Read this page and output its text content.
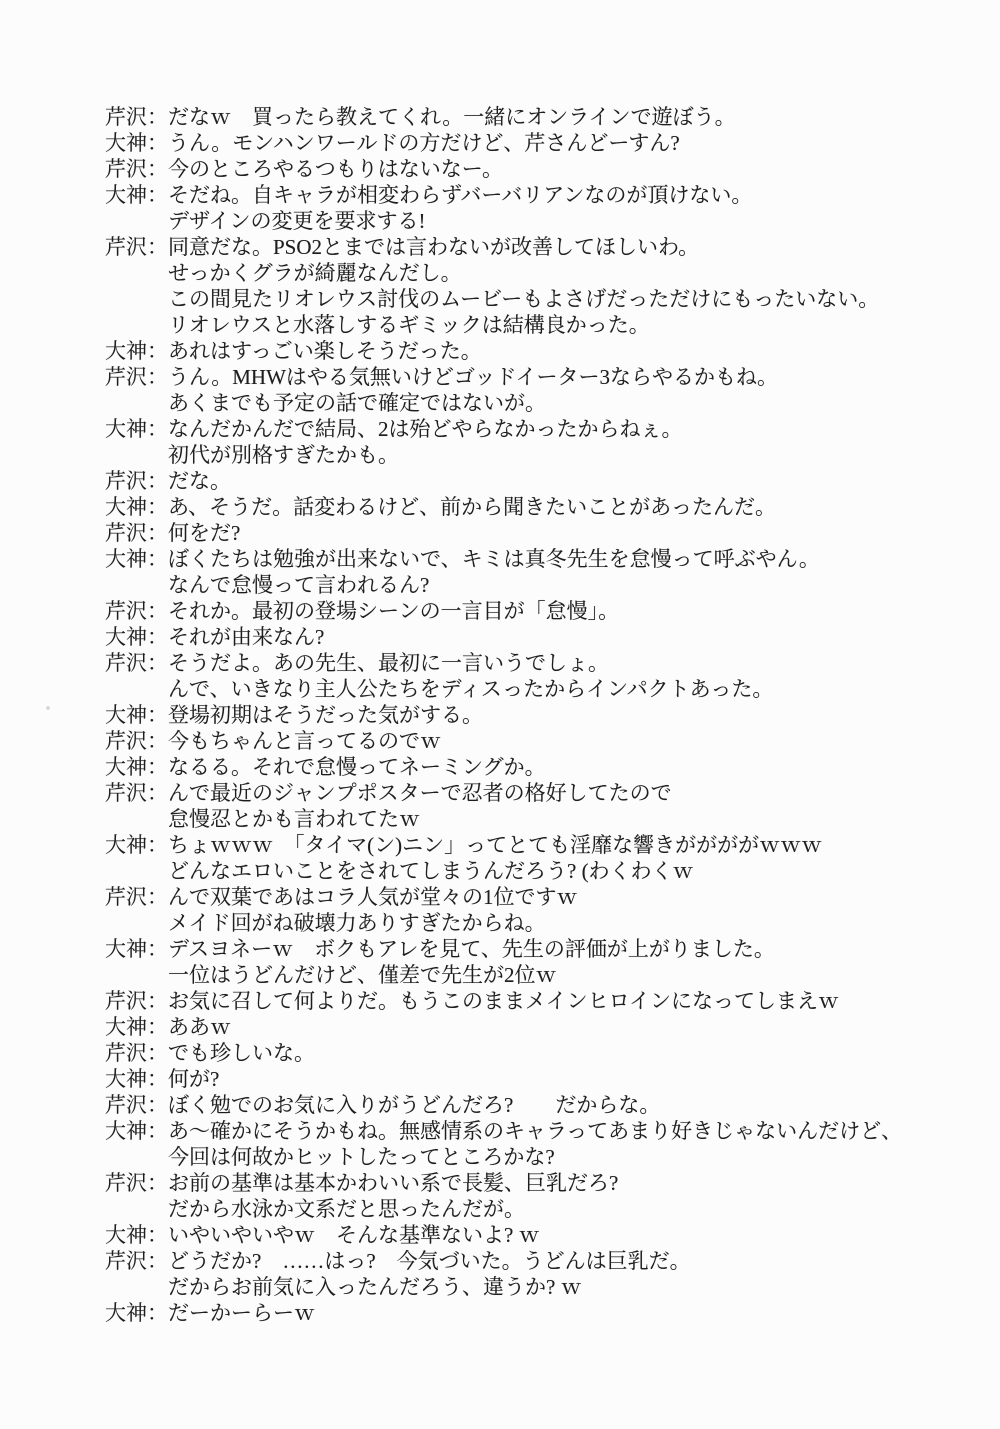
芹沢： だなｗ　買ったら教えてくれ。一緒にオンラインで遊ぼう。
大神： うん。モンハンワールドの方だけど、芹さんどーすん?
芹沢： 今のところやるつもりはないなー。
大神： そだね。自キャラが相変わらずバーバリアンなのが頂けない。
デザインの変更を要求する!
芹沢： 同意だな。PSO2とまでは言わないが改善してほしいわ。
せっかくグラが綺麗なんだし。
この間見たリオレウス討伐のムービーもよさげだっただけにもったいない。
リオレウスと水落しするギミックは結構良かった。
大神： あれはすっごい楽しそうだった。
芹沢： うん。MHWはやる気無いけどゴッドイーター3ならやるかもね。
あくまでも予定の話で確定ではないが。
大神： なんだかんだで結局、2は殆どやらなかったからねぇ。
初代が別格すぎたかも。
芹沢： だな。
大神： あ、そうだ。話変わるけど、前から聞きたいことがあったんだ。
芹沢： 何をだ?
大神： ぼくたちは勉強が出来ないで、キミは真冬先生を怠慢って呼ぶやん。
なんで怠慢って言われるん?
芹沢： それか。最初の登場シーンの一言目が「怠慢」。
大神： それが由来なん?
芹沢： そうだよ。あの先生、最初に一言いうでしょ。
んで、いきなり主人公たちをディスったからインパクトあった。
大神： 登場初期はそうだった気がする。
芹沢： 今もちゃんと言ってるのでｗ
大神： なるる。それで怠慢ってネーミングか。
芹沢： んで最近のジャンプポスターで忍者の格好してたので
怠慢忍とかも言われてたｗ
大神： ちょｗｗｗ　「タイマ(ン)ニン」ってとても淫靡な響きががががｗｗｗ
どんなエロいことをされてしまうんだろう? (わくわくｗ
芹沢： んで双葉であはコラ人気が堂々の1位ですｗ
メイド回がね破壊力ありすぎたからね。
大神： デスヨネーｗ　ボクもアレを見て、先生の評価が上がりました。
一位はうどんだけど、僅差で先生が2位ｗ
芹沢： お気に召して何よりだ。もうこのままメインヒロインになってしまえｗ
大神： ああｗ
芹沢： でも珍しいな。
大神： 何が?
芹沢： ぼく勉でのお気に入りがうどんだろ?　　だからな。
大神： あ〜確かにそうかもね。無感情系のキャラってあまり好きじゃないんだけど、
今回は何故かヒットしたってところかな?
芹沢： お前の基準は基本かわいい系で長髪、巨乳だろ?
だから水泳か文系だと思ったんだが。
大神： いやいやいやｗ　そんな基準ないよ? ｗ
芹沢： どうだか?　……はっ?　今気づいた。うどんは巨乳だ。
だからお前気に入ったんだろう、違うか? ｗ
大神： だーかーらーｗ
